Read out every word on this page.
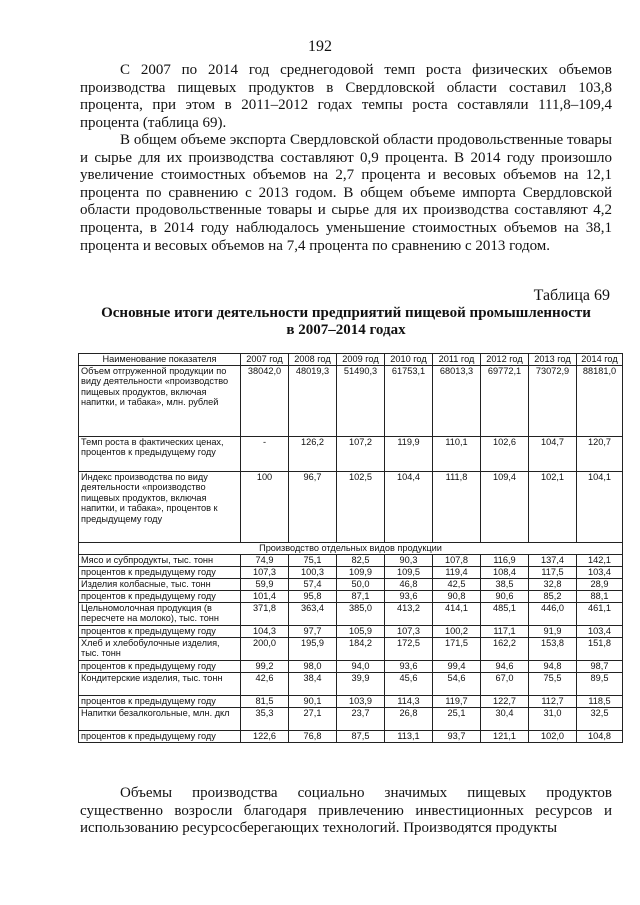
192

С 2007 по 2014 год среднегодовой темп роста физических объемов производства пищевых продуктов в Свердловской области составил 103,8 процента, при этом в 2011–2012 годах темпы роста составляли 111,8–109,4 процента (таблица 69).

В общем объеме экспорта Свердловской области продовольственные товары и сырье для их производства составляют 0,9 процента. В 2014 году произошло увеличение стоимостных объемов на 2,7 процента и весовых объемов на 12,1 процента по сравнению с 2013 годом. В общем объеме импорта Свердловской области продовольственные товары и сырье для их производства составляют 4,2 процента, в 2014 году наблюдалось уменьшение стоимостных объемов на 38,1 процента и весовых объемов на 7,4 процента по сравнению с 2013 годом.

Таблица 69
Основные итоги деятельности предприятий пищевой промышленности
в 2007–2014 годах
Наименование показателя	2007 год	2008 год	2009 год	2010 год	2011 год	2012 год	2013 год	2014 год
Объем отгруженной продукции по виду деятельности «производство пищевых продуктов, включая напитки, и табака», млн. рублей	38042,0	48019,3	51490,3	61753,1	68013,3	69772,1	73072,9	88181,0
Темп роста в фактических ценах, процентов к предыдущему году	-	126,2	107,2	119,9	110,1	102,6	104,7	120,7
Индекс производства по виду деятельности «производство пищевых продуктов, включая напитки, и табака», процентов к предыдущему году	100	96,7	102,5	104,4	111,8	109,4	102,1	104,1
Производство отдельных видов продукции								
Мясо и субпродукты, тыс. тонн	74,9	75,1	82,5	90,3	107,8	116,9	137,4	142,1
процентов к предыдущему году	107,3	100,3	109,9	109,5	119,4	108,4	117,5	103,4
Изделия колбасные, тыс. тонн	59,9	57,4	50,0	46,8	42,5	38,5	32,8	28,9
процентов к предыдущему году	101,4	95,8	87,1	93,6	90,8	90,6	85,2	88,1
Цельномолочная продукция (в пересчете на молоко), тыс. тонн	371,8	363,4	385,0	413,2	414,1	485,1	446,0	461,1
процентов к предыдущему году	104,3	97,7	105,9	107,3	100,2	117,1	91,9	103,4
Хлеб и хлебобулочные изделия, тыс. тонн	200,0	195,9	184,2	172,5	171,5	162,2	153,8	151,8
процентов к предыдущему году	99,2	98,0	94,0	93,6	99,4	94,6	94,8	98,7
Кондитерские изделия, тыс. тонн	42,6	38,4	39,9	45,6	54,6	67,0	75,5	89,5
процентов к предыдущему году	81,5	90,1	103,9	114,3	119,7	122,7	112,7	118,5
Напитки безалкогольные, млн. дкл	35,3	27,1	23,7	26,8	25,1	30,4	31,0	32,5
процентов к предыдущему году	122,6	76,8	87,5	113,1	93,7	121,1	102,0	104,8

Объемы производства социально значимых пищевых продуктов существенно возросли благодаря привлечению инвестиционных ресурсов и использованию ресурсосберегающих технологий. Производятся продукты
